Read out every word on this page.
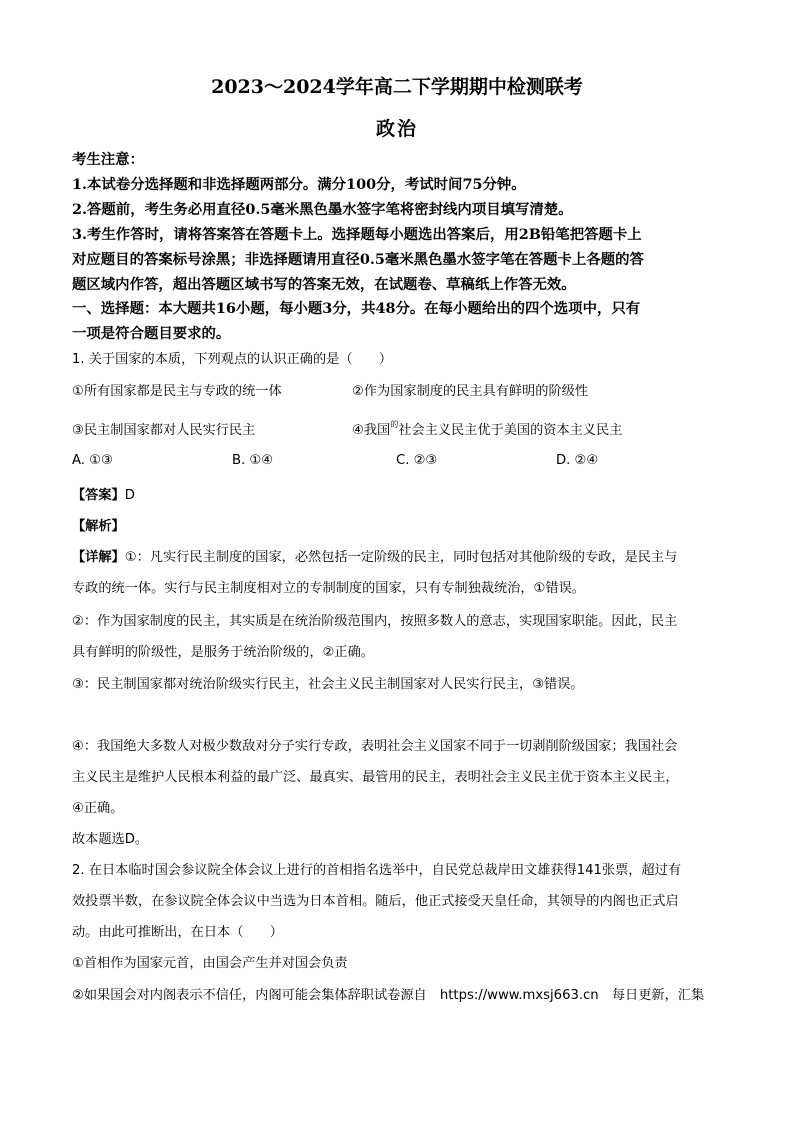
2023～2024学年高二下学期期中检测联考
政治
考生注意：
1.本试卷分选择题和非选择题两部分。满分100分，考试时间75分钟。
2.答题前，考生务必用直径0.5毫米黑色墨水签字笔将密封线内项目填写清楚。
3.考生作答时，请将答案答在答题卡上。选择题每小题选出答案后，用2B铅笔把答题卡上
对应题目的答案标号涂黑；非选择题请用直径0.5毫米黑色墨水签字笔在答题卡上各题的答
题区域内作答，超出答题区域书写的答案无效，在试题卷、草稿纸上作答无效。
一、选择题：本大题共16小题，每小题3分，共48分。在每小题给出的四个选项中，只有
一项是符合题目要求的。
1. 关于国家的本质，下列观点的认识正确的是（　　）
①所有国家都是民主与专政的统一体	②作为国家制度的民主具有鲜明的阶级性
③民主制国家都对人民实行民主	④我国$^的$社会主义民主优于美国的资本主义民主
A. ①③	B. ①④	C. ②③	D. ②④
【答案】D
【解析】
【详解】①：凡实行民主制度的国家，必然包括一定阶级的民主，同时包括对其他阶级的专政，是民主与
专政的统一体。实行与民主制度相对立的专制制度的国家，只有专制独裁统治，①错误。
②：作为国家制度的民主，其实质是在统治阶级范围内，按照多数人的意志，实现国家职能。因此，民主
具有鲜明的阶级性，是服务于统治阶级的，②正确。
③：民主制国家都对统治阶级实行民主，社会主义民主制国家对人民实行民主，③错误。
④：我国绝大多数人对极少数敌对分子实行专政，表明社会主义国家不同于一切剥削阶级国家；我国社会
主义民主是维护人民根本利益的最广泛、最真实、最管用的民主，表明社会主义民主优于资本主义民主，
④正确。
故本题选D。
2. 在日本临时国会参议院全体会议上进行的首相指名选举中，自民党总裁岸田文雄获得141张票，超过有
效投票半数，在参议院全体会议中当选为日本首相。随后，他正式接受天皇任命，其领导的内阁也正式启
动。由此可推断出，在日本（　　）
①首相作为国家元首，由国会产生并对国会负责
②如果国会对内阁表示不信任，内阁可能会集体辞职试卷源自　https://www.mxsj663.cn　每日更新，汇集
